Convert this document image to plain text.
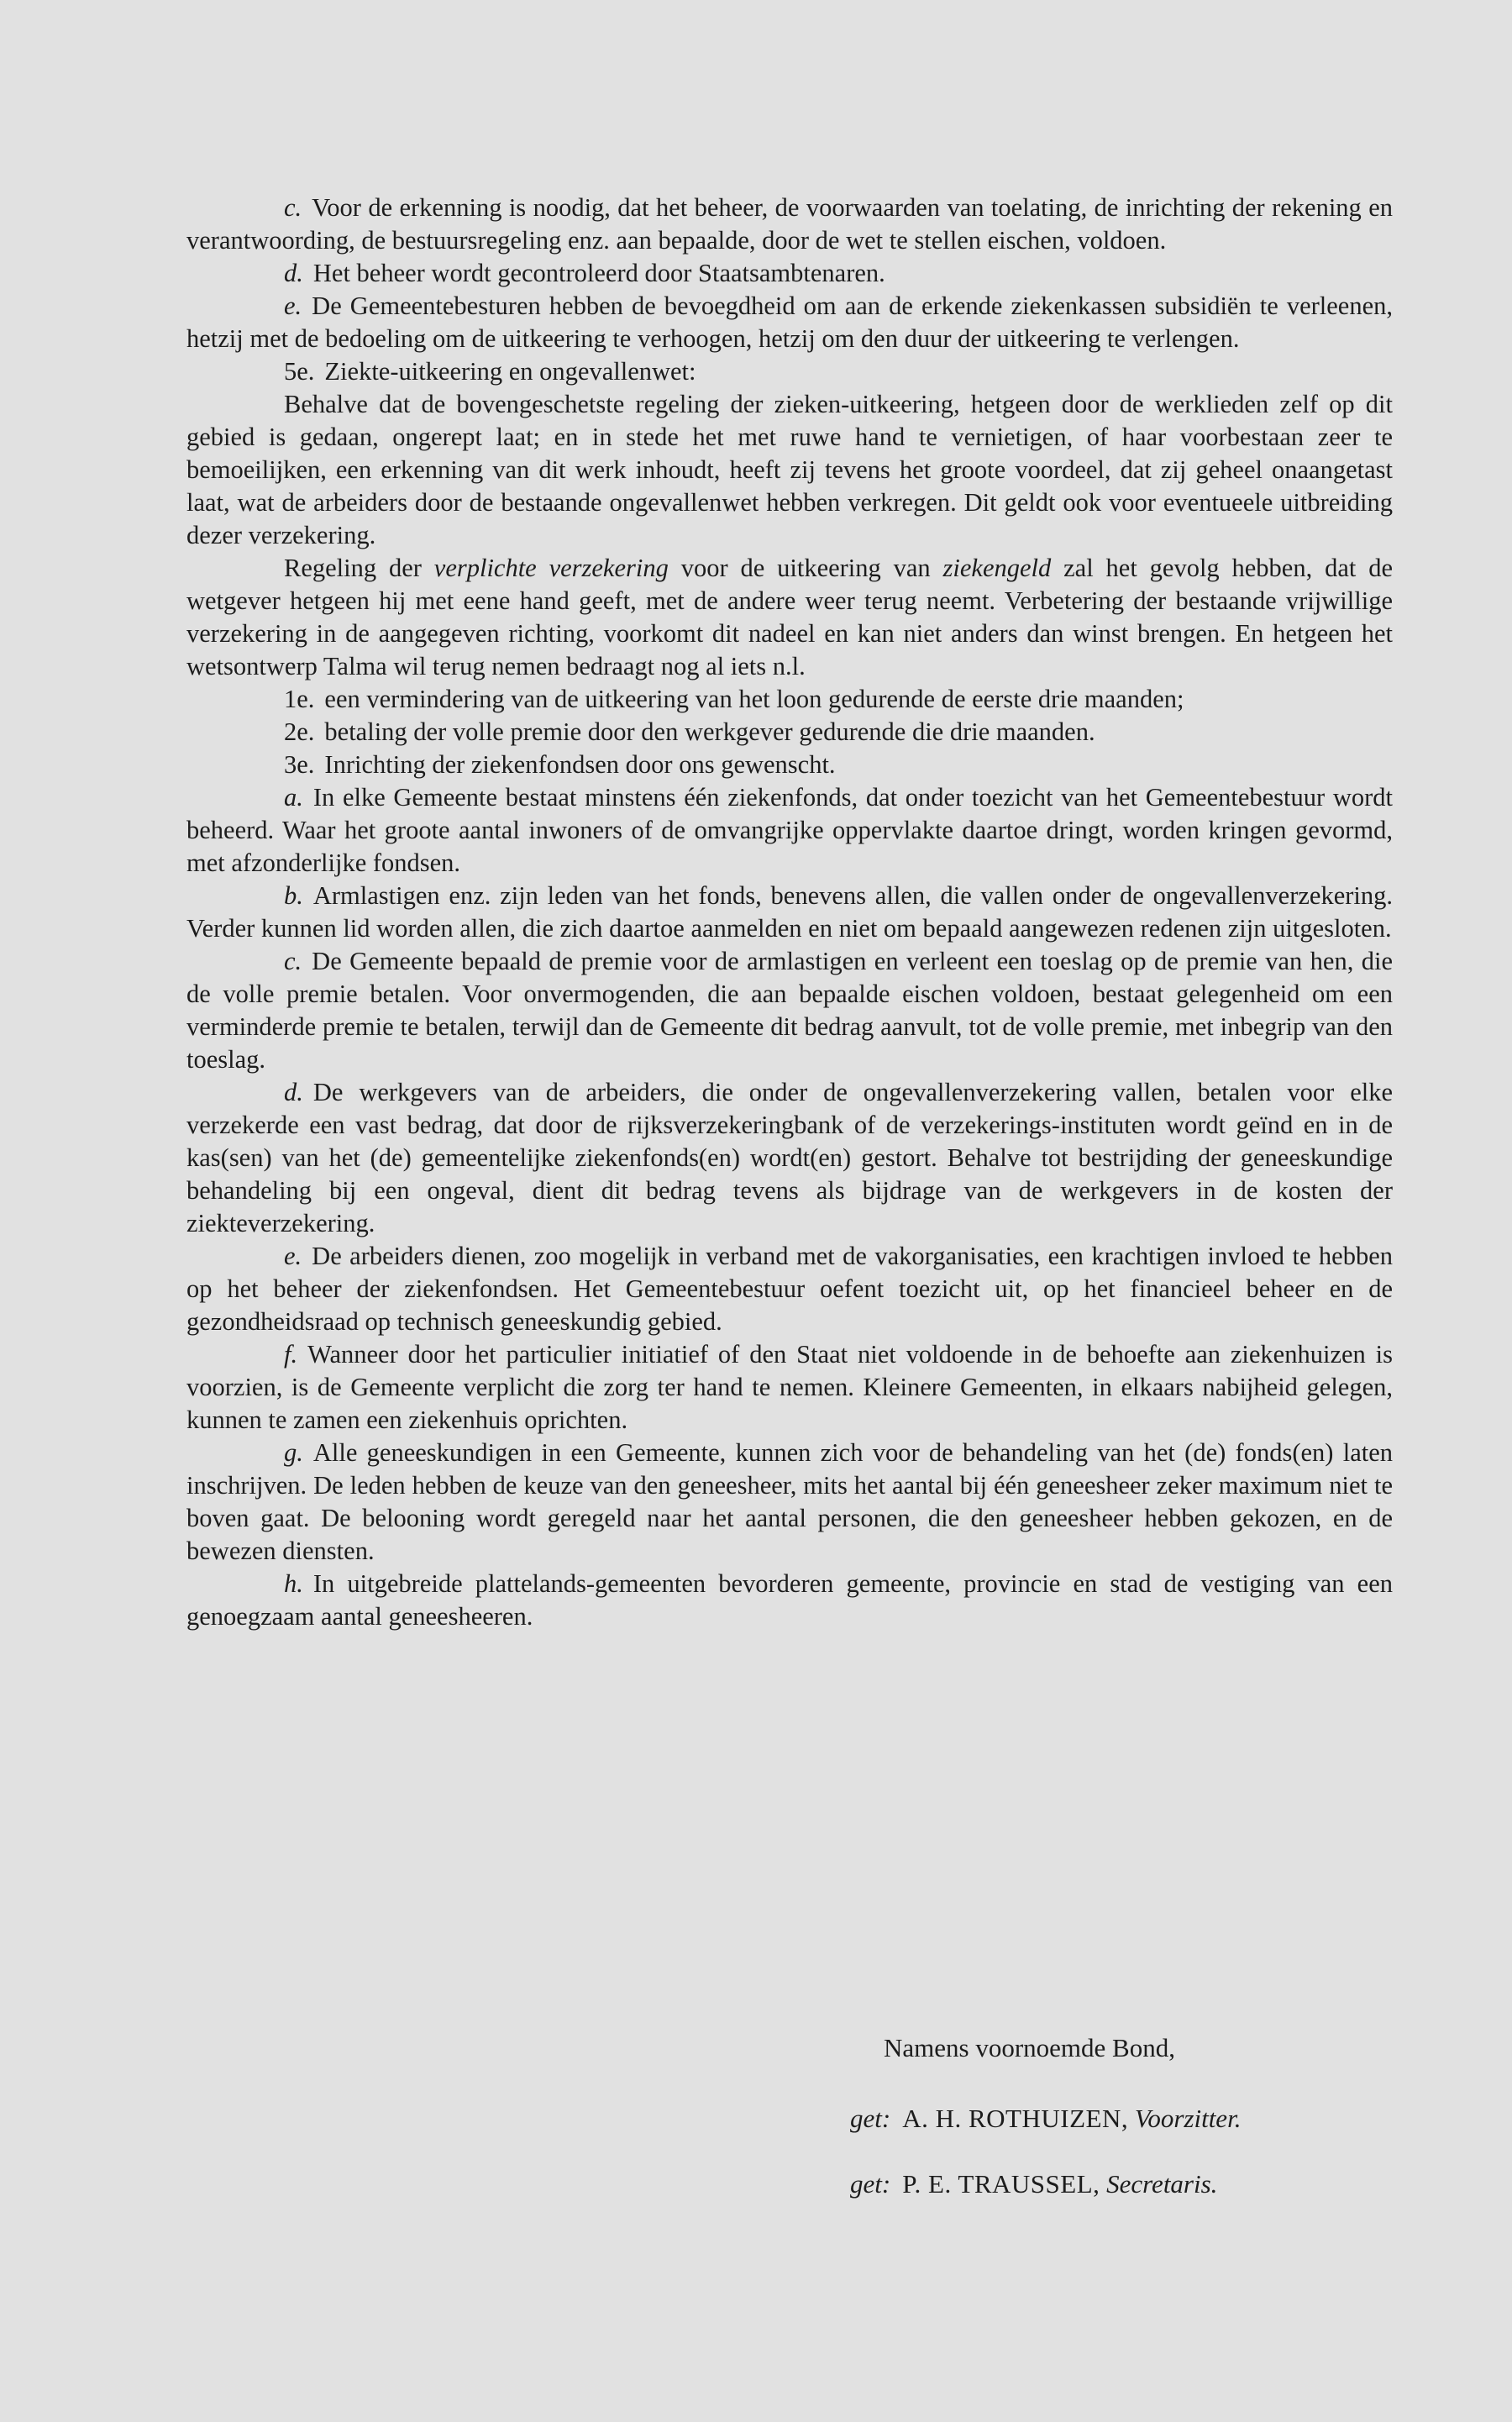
c. Voor de erkenning is noodig, dat het beheer, de voorwaarden van toelating, de inrichting der rekening en verantwoording, de bestuursregeling enz. aan bepaalde, door de wet te stellen eischen, voldoen.

d. Het beheer wordt gecontroleerd door Staatsambtenaren.

e. De Gemeentebesturen hebben de bevoegdheid om aan de erkende ziekenkassen subsidiën te verleenen, hetzij met de bedoeling om de uitkeering te verhoogen, hetzij om den duur der uitkeering te verlengen.

5e. Ziekte-uitkeering en ongevallenwet:

Behalve dat de bovengeschetste regeling der zieken-uitkeering, hetgeen door de werklieden zelf op dit gebied is gedaan, ongerept laat; en in stede het met ruwe hand te vernietigen, of haar voorbestaan zeer te bemoeilijken, een erkenning van dit werk inhoudt, heeft zij tevens het groote voordeel, dat zij geheel onaangetast laat, wat de arbeiders door de bestaande ongevallenwet hebben verkregen. Dit geldt ook voor eventueele uitbreiding dezer verzekering.

Regeling der verplichte verzekering voor de uitkeering van ziekengeld zal het gevolg hebben, dat de wetgever hetgeen hij met eene hand geeft, met de andere weer terug neemt. Verbetering der bestaande vrijwillige verzekering in de aangegeven richting, voorkomt dit nadeel en kan niet anders dan winst brengen. En hetgeen het wetsontwerp Talma wil terug nemen bedraagt nog al iets n.l.

1e. een vermindering van de uitkeering van het loon gedurende de eerste drie maanden;

2e. betaling der volle premie door den werkgever gedurende die drie maanden.

3e. Inrichting der ziekenfondsen door ons gewenscht.

a. In elke Gemeente bestaat minstens één ziekenfonds, dat onder toezicht van het Gemeentebestuur wordt beheerd. Waar het groote aantal inwoners of de omvangrijke oppervlakte daartoe dringt, worden kringen gevormd, met afzonderlijke fondsen.

b. Armlastigen enz. zijn leden van het fonds, benevens allen, die vallen onder de ongevallenverzekering. Verder kunnen lid worden allen, die zich daartoe aanmelden en niet om bepaald aangewezen redenen zijn uitgesloten.

c. De Gemeente bepaald de premie voor de armlastigen en verleent een toeslag op de premie van hen, die de volle premie betalen. Voor onvermogenden, die aan bepaalde eischen voldoen, bestaat gelegenheid om een verminderde premie te betalen, terwijl dan de Gemeente dit bedrag aanvult, tot de volle premie, met inbegrip van den toeslag.

d. De werkgevers van de arbeiders, die onder de ongevallenverzekering vallen, betalen voor elke verzekerde een vast bedrag, dat door de rijksverzekeringbank of de verzekerings-instituten wordt geïnd en in de kas(sen) van het (de) gemeentelijke ziekenfonds(en) wordt(en) gestort. Behalve tot bestrijding der geneeskundige behandeling bij een ongeval, dient dit bedrag tevens als bijdrage van de werkgevers in de kosten der ziekteverzekering.

e. De arbeiders dienen, zoo mogelijk in verband met de vakorganisaties, een krachtigen invloed te hebben op het beheer der ziekenfondsen. Het Gemeentebestuur oefent toezicht uit, op het financieel beheer en de gezondheidsraad op technisch geneeskundig gebied.

f. Wanneer door het particulier initiatief of den Staat niet voldoende in de behoefte aan ziekenhuizen is voorzien, is de Gemeente verplicht die zorg ter hand te nemen. Kleinere Gemeenten, in elkaars nabijheid gelegen, kunnen te zamen een ziekenhuis oprichten.

g. Alle geneeskundigen in een Gemeente, kunnen zich voor de behandeling van het (de) fonds(en) laten inschrijven. De leden hebben de keuze van den geneesheer, mits het aantal bij één geneesheer zeker maximum niet te boven gaat. De belooning wordt geregeld naar het aantal personen, die den geneesheer hebben gekozen, en de bewezen diensten.

h. In uitgebreide plattelands-gemeenten bevorderen gemeente, provincie en stad de vestiging van een genoegzaam aantal geneesheeren.

Namens voornoemde Bond,
get: A. H. ROTHUIZEN, Voorzitter.
get: P. E. TRAUSSEL, Secretaris.
